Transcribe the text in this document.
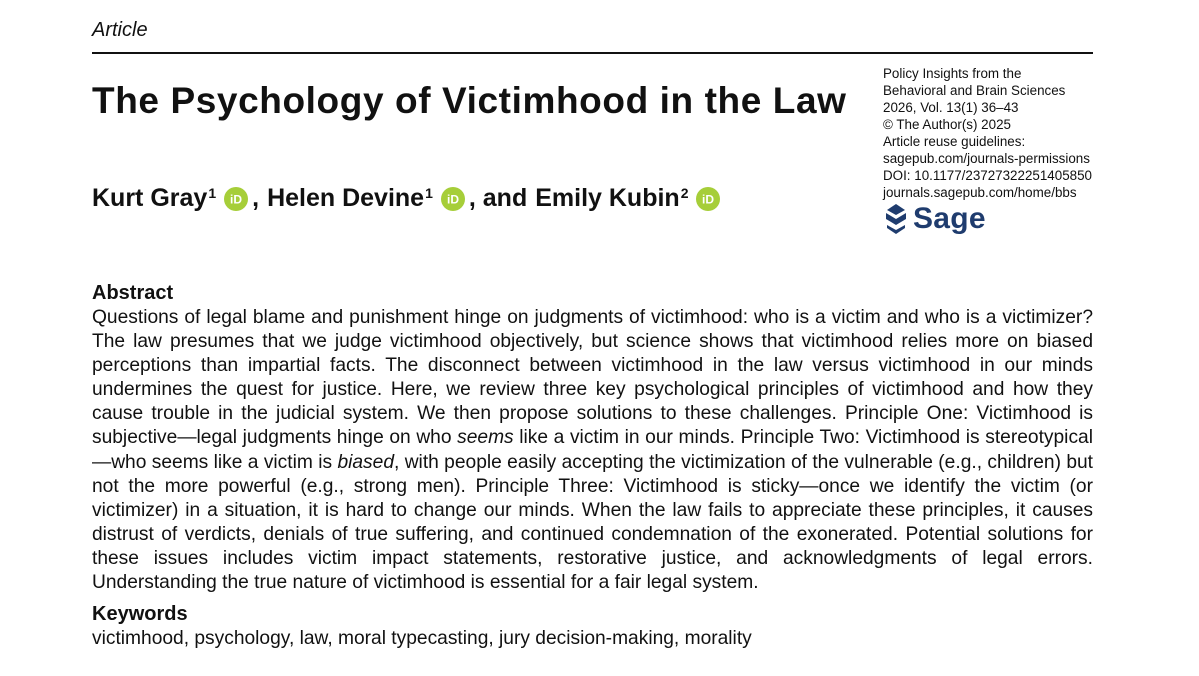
Article
The Psychology of Victimhood in the Law
Kurt Gray$^1$ iD , Helen Devine$^1$ iD , and Emily Kubin$^2$ iD
Policy Insights from the
Behavioral and Brain Sciences
2026, Vol. 13(1) 36–43
© The Author(s) 2025
Article reuse guidelines:
sagepub.com/journals-permissions
DOI: 10.1177/23727322251405850
journals.sagepub.com/home/bbs
Sage
Abstract

Questions of legal blame and punishment hinge on judgments of victimhood: who is a victim and who is a victimizer? The law presumes that we judge victimhood objectively, but science shows that victimhood relies more on biased perceptions than impartial facts. The disconnect between victimhood in the law versus victimhood in our minds undermines the quest for justice. Here, we review three key psychological principles of victimhood and how they cause trouble in the judicial system. We then propose solutions to these challenges. Principle One: Victimhood is subjective—legal judgments hinge on who seems like a victim in our minds. Principle Two: Victimhood is stereotypical—who seems like a victim is biased, with people easily accepting the victimization of the vulnerable (e.g., children) but not the more powerful (e.g., strong men). Principle Three: Victimhood is sticky—once we identify the victim (or victimizer) in a situation, it is hard to change our minds. When the law fails to appreciate these principles, it causes distrust of verdicts, denials of true suffering, and continued condemnation of the exonerated. Potential solutions for these issues includes victim impact statements, restorative justice, and acknowledgments of legal errors. Understanding the true nature of victimhood is essential for a fair legal system.

Keywords
victimhood, psychology, law, moral typecasting, jury decision-making, morality
